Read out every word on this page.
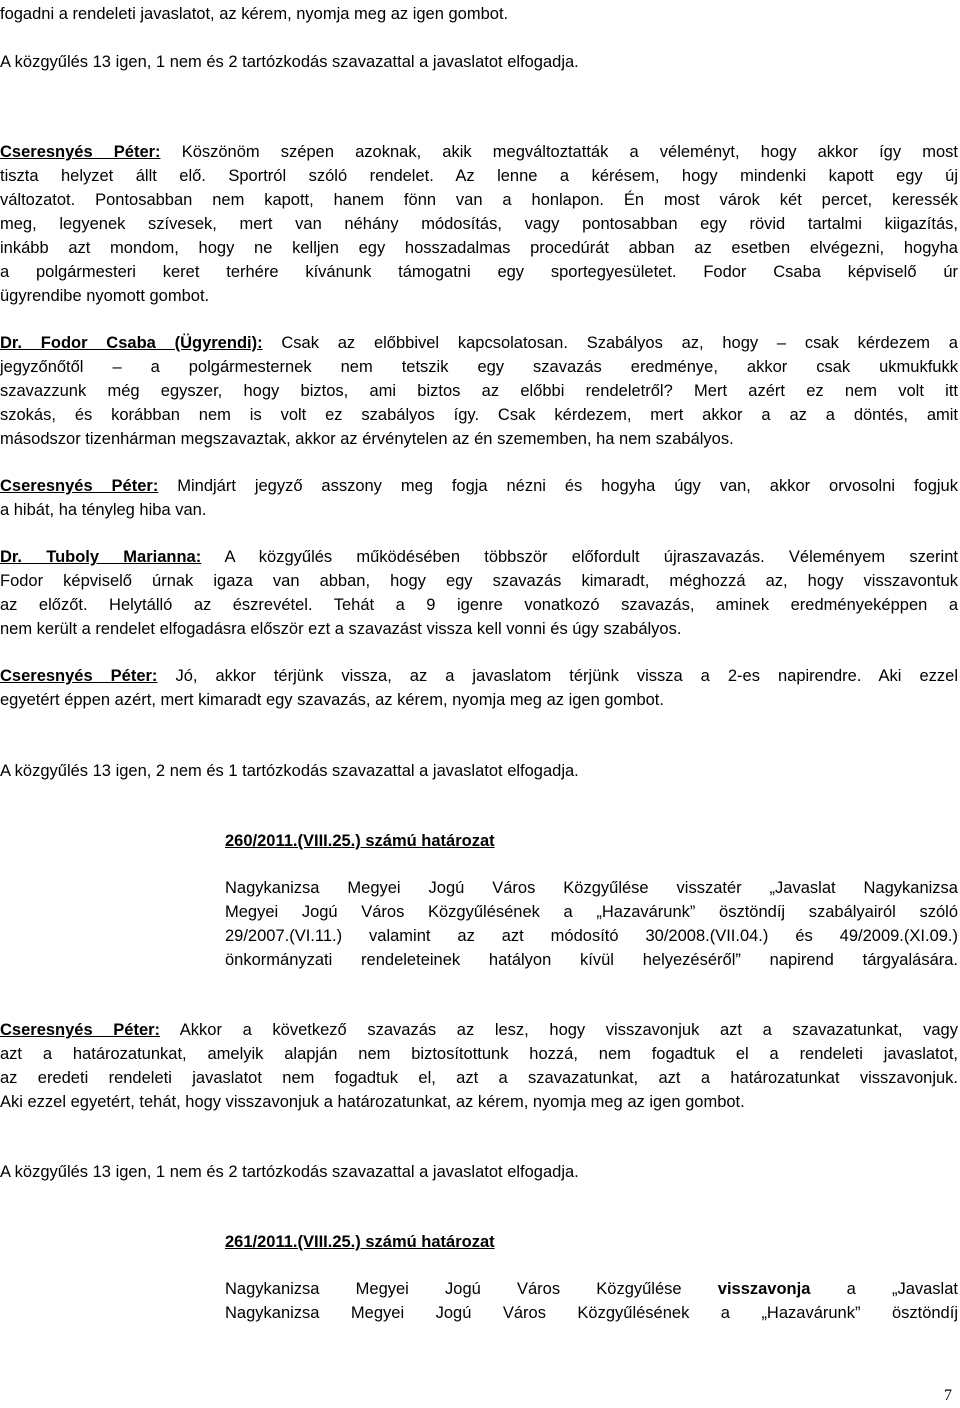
fogadni a rendeleti javaslatot, az kérem, nyomja meg az igen gombot.
A közgyűlés 13 igen, 1 nem és 2 tartózkodás szavazattal a javaslatot elfogadja.
Cseresnyés Péter: Köszönöm szépen azoknak, akik megváltoztatták a véleményt, hogy akkor így most
tiszta helyzet állt elő. Sportról szóló rendelet. Az lenne a kérésem, hogy mindenki kapott egy új
változatot. Pontosabban nem kapott, hanem fönn van a honlapon. Én most várok két percet, keressék
meg, legyenek szívesek, mert van néhány módosítás, vagy pontosabban egy rövid tartalmi kiigazítás,
inkább azt mondom, hogy ne kelljen egy hosszadalmas procedúrát abban az esetben elvégezni, hogyha
a polgármesteri keret terhére kívánunk támogatni egy sportegyesületet. Fodor Csaba képviselő úr
ügyrendibe nyomott gombot.
Dr. Fodor Csaba (Ügyrendi): Csak az előbbivel kapcsolatosan. Szabályos az, hogy – csak kérdezem a
jegyzőnőtől – a polgármesternek nem tetszik egy szavazás eredménye, akkor csak ukmukfukk
szavazzunk még egyszer, hogy biztos, ami biztos az előbbi rendeletről? Mert azért ez nem volt itt
szokás, és korábban nem is volt ez szabályos így. Csak kérdezem, mert akkor a az a döntés, amit
másodszor tizenhárman megszavaztak, akkor az érvénytelen az én szememben, ha nem szabályos.
Cseresnyés Péter: Mindjárt jegyző asszony meg fogja nézni és hogyha úgy van, akkor orvosolni fogjuk
a hibát, ha tényleg hiba van.
Dr. Tuboly Marianna: A közgyűlés működésében többször előfordult újraszavazás. Véleményem szerint
Fodor képviselő úrnak igaza van abban, hogy egy szavazás kimaradt, méghozzá az, hogy visszavontuk
az előzőt. Helytálló az észrevétel. Tehát a 9 igenre vonatkozó szavazás, aminek eredményeképpen a
nem került a rendelet elfogadásra először ezt a szavazást vissza kell vonni és úgy szabályos.
Cseresnyés Péter: Jó, akkor térjünk vissza, az a javaslatom térjünk vissza a 2-es napirendre. Aki ezzel
egyetért éppen azért, mert kimaradt egy szavazás, az kérem, nyomja meg az igen gombot.
A közgyűlés 13 igen, 2 nem és 1 tartózkodás szavazattal a javaslatot elfogadja.
260/2011.(VIII.25.) számú határozat
Nagykanizsa Megyei Jogú Város Közgyűlése visszatér „Javaslat Nagykanizsa
Megyei Jogú Város Közgyűlésének a „Hazavárunk” ösztöndíj szabályairól szóló
29/2007.(VI.11.) valamint az azt módosító 30/2008.(VII.04.) és 49/2009.(XI.09.)
önkormányzati rendeleteinek hatályon kívül helyezéséről” napirend tárgyalására.
Cseresnyés Péter: Akkor a következő szavazás az lesz, hogy visszavonjuk azt a szavazatunkat, vagy
azt a határozatunkat, amelyik alapján nem biztosítottunk hozzá, nem fogadtuk el a rendeleti javaslatot,
az eredeti rendeleti javaslatot nem fogadtuk el, azt a szavazatunkat, azt a határozatunkat visszavonjuk.
Aki ezzel egyetért, tehát, hogy visszavonjuk a határozatunkat, az kérem, nyomja meg az igen gombot.
A közgyűlés 13 igen, 1 nem és 2 tartózkodás szavazattal a javaslatot elfogadja.
261/2011.(VIII.25.) számú határozat
Nagykanizsa Megyei Jogú Város Közgyűlése visszavonja a „Javaslat
Nagykanizsa Megyei Jogú Város Közgyűlésének a „Hazavárunk” ösztöndíj
7
